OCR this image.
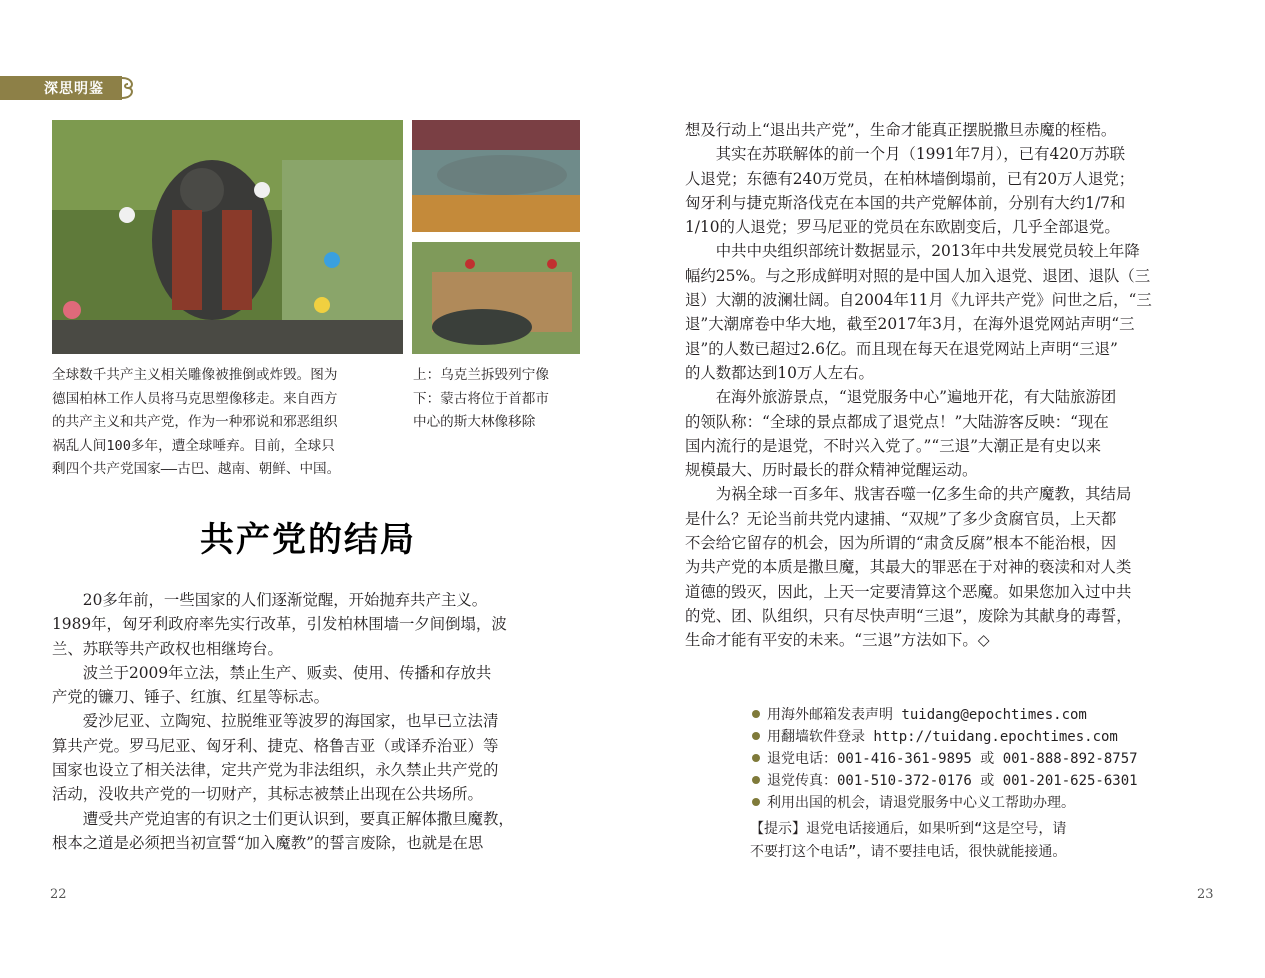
深思明鉴
全球数千共产主义相关雕像被推倒或炸毁。图为
德国柏林工作人员将马克思塑像移走。来自西方
的共产主义和共产党，作为一种邪说和邪恶组织
祸乱人间100多年，遭全球唾弃。目前，全球只
剩四个共产党国家——古巴、越南、朝鲜、中国。
上：乌克兰拆毁列宁像
下：蒙古将位于首都市
中心的斯大林像移除
共产党的结局
　　20多年前，一些国家的人们逐渐觉醒，开始抛弃共产主义。
1989年，匈牙利政府率先实行改革，引发柏林围墙一夕间倒塌，波
兰、苏联等共产政权也相继垮台。
　　波兰于2009年立法，禁止生产、贩卖、使用、传播和存放共
产党的镰刀、锤子、红旗、红星等标志。
　　爱沙尼亚、立陶宛、拉脱维亚等波罗的海国家，也早已立法清
算共产党。罗马尼亚、匈牙利、捷克、格鲁吉亚（或译乔治亚）等
国家也设立了相关法律，定共产党为非法组织，永久禁止共产党的
活动，没收共产党的一切财产，其标志被禁止出现在公共场所。
　　遭受共产党迫害的有识之士们更认识到，要真正解体撒旦魔教，
根本之道是必须把当初宣誓“加入魔教”的誓言废除，也就是在思
想及行动上“退出共产党”，生命才能真正摆脱撒旦赤魔的桎梏。
　　其实在苏联解体的前一个月（1991年7月），已有420万苏联
人退党；东德有240万党员，在柏林墙倒塌前，已有20万人退党；
匈牙利与捷克斯洛伐克在本国的共产党解体前，分别有大约1/7和
1/10的人退党；罗马尼亚的党员在东欧剧变后，几乎全部退党。
　　中共中央组织部统计数据显示，2013年中共发展党员较上年降
幅约25%。与之形成鲜明对照的是中国人加入退党、退团、退队（三
退）大潮的波澜壮阔。自2004年11月《九评共产党》问世之后，“三
退”大潮席卷中华大地，截至2017年3月，在海外退党网站声明“三
退”的人数已超过2.6亿。而且现在每天在退党网站上声明“三退”
的人数都达到10万人左右。
　　在海外旅游景点，“退党服务中心”遍地开花，有大陆旅游团
的领队称：“全球的景点都成了退党点！”大陆游客反映：“现在
国内流行的是退党，不时兴入党了。”“三退”大潮正是有史以来
规模最大、历时最长的群众精神觉醒运动。
　　为祸全球一百多年、戕害吞噬一亿多生命的共产魔教，其结局
是什么？无论当前共党内逮捕、“双规”了多少贪腐官员，上天都
不会给它留存的机会，因为所谓的“肃贪反腐”根本不能治根，因
为共产党的本质是撒旦魔，其最大的罪恶在于对神的亵渎和对人类
道德的毁灭，因此，上天一定要清算这个恶魔。如果您加入过中共
的党、团、队组织，只有尽快声明“三退”，废除为其献身的毒誓，
生命才能有平安的未来。“三退”方法如下。◇
用海外邮箱发表声明 tuidang@epochtimes.com
用翻墙软件登录 http://tuidang.epochtimes.com
退党电话：001-416-361-9895 或 001-888-892-8757
退党传真：001-510-372-0176 或 001-201-625-6301
利用出国的机会，请退党服务中心义工帮助办理。
【提示】退党电话接通后，如果听到“这是空号，请
不要打这个电话”，请不要挂电话，很快就能接通。
22	23
